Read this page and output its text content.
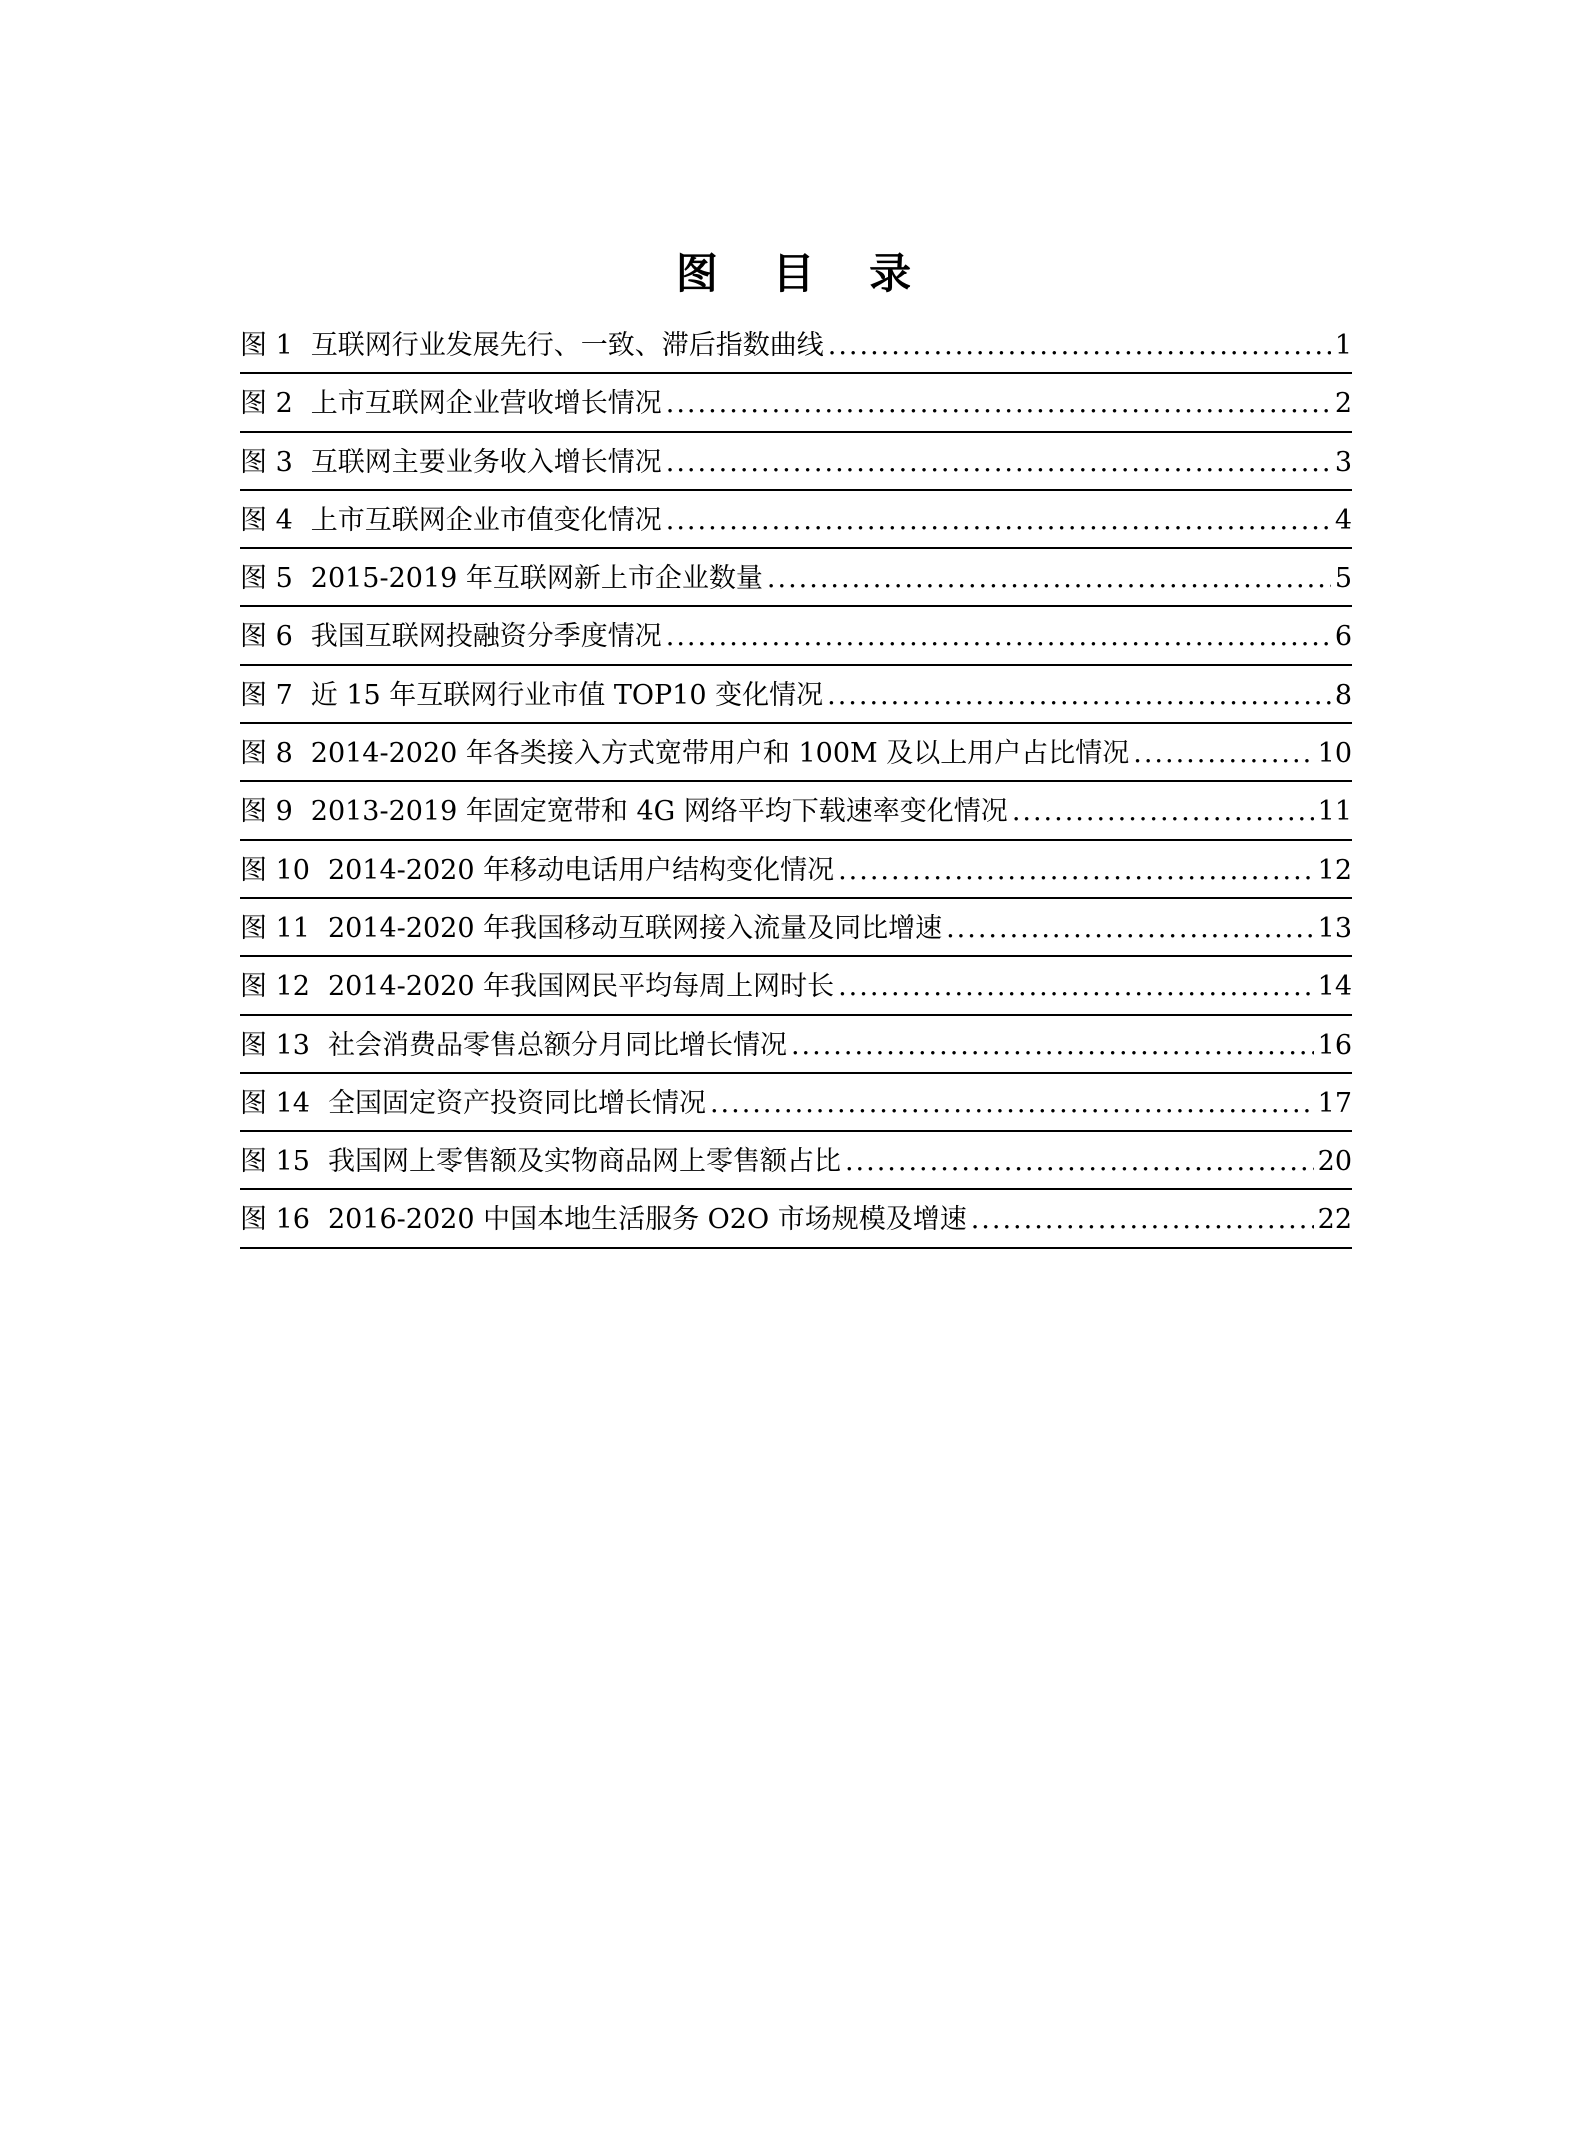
图 目 录
图 1 互联网行业发展先行、一致、滞后指数曲线 .....	1
图 2 上市互联网企业营收增长情况 .....	2
图 3 互联网主要业务收入增长情况 .....	3
图 4 上市互联网企业市值变化情况 .....	4
图 5 2015-2019 年互联网新上市企业数量 .....	5
图 6 我国互联网投融资分季度情况 .....	6
图 7 近 15 年互联网行业市值 TOP10 变化情况 .....	8
图 8 2014-2020 年各类接入方式宽带用户和 100M 及以上用户占比情况 .....	10
图 9 2013-2019 年固定宽带和 4G 网络平均下载速率变化情况 .....	11
图 10 2014-2020 年移动电话用户结构变化情况 .....	12
图 11 2014-2020 年我国移动互联网接入流量及同比增速 .....	13
图 12 2014-2020 年我国网民平均每周上网时长 .....	14
图 13 社会消费品零售总额分月同比增长情况 .....	16
图 14 全国固定资产投资同比增长情况 .....	17
图 15 我国网上零售额及实物商品网上零售额占比 .....	20
图 16 2016-2020 中国本地生活服务 O2O 市场规模及增速 .....	22
